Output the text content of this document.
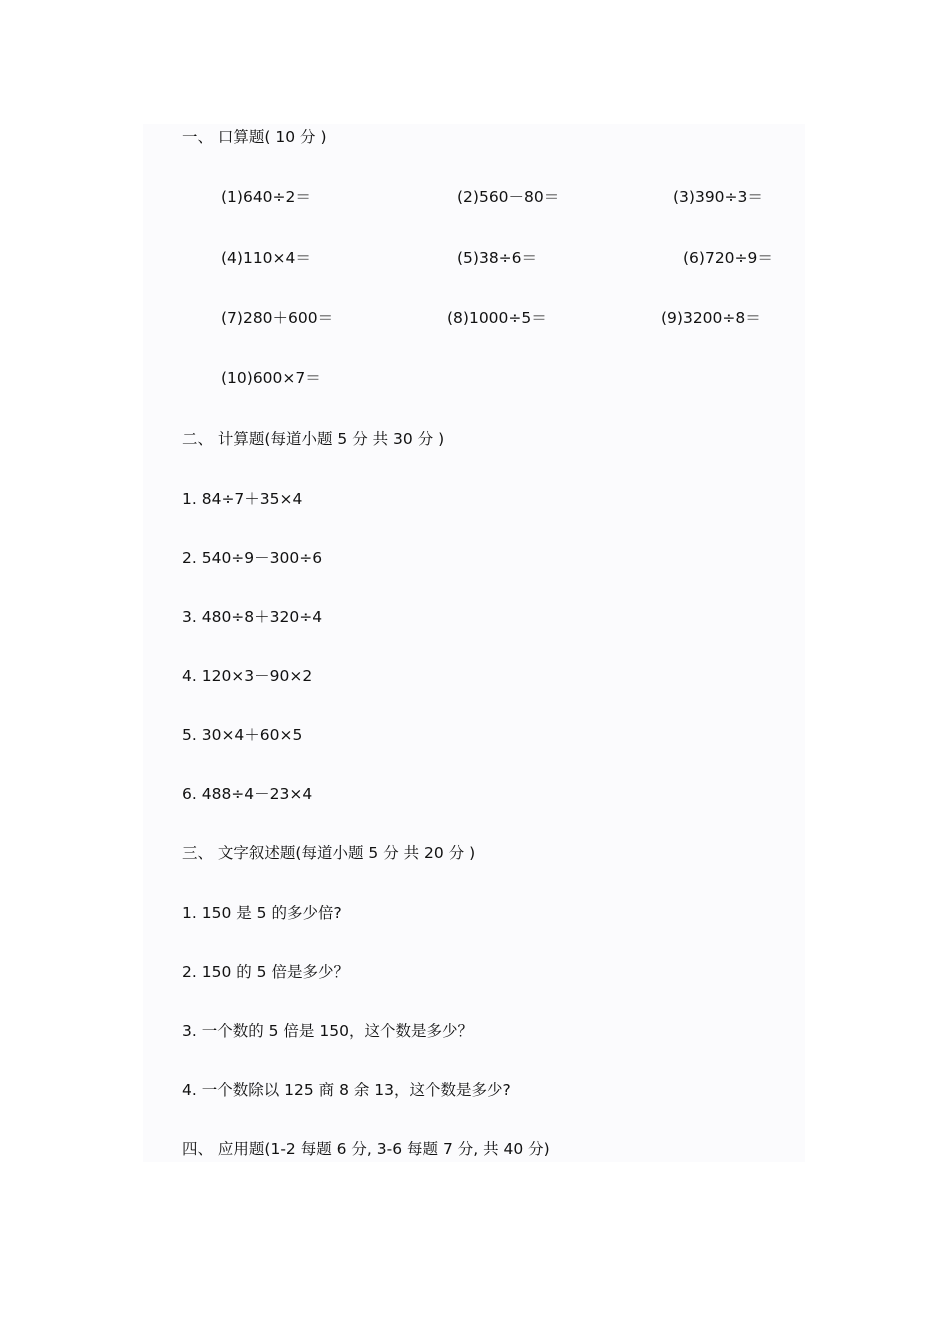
一、 口算题( 10 分 )
(1)640÷2＝	(2)560－80＝	(3)390÷3＝
(4)110×4＝	(5)38÷6＝	(6)720÷9＝
(7)280＋600＝	(8)1000÷5＝	(9)3200÷8＝
(10)600×7＝
二、 计算题(每道小题 5 分 共 30 分 )
1. 84÷7＋35×4
2. 540÷9－300÷6
3. 480÷8＋320÷4
4. 120×3－90×2
5. 30×4＋60×5
6. 488÷4－23×4
三、 文字叙述题(每道小题 5 分 共 20 分 )
1. 150 是 5 的多少倍?
2. 150 的 5 倍是多少？
3. 一个数的 5 倍是 150，这个数是多少？
4. 一个数除以 125 商 8 余 13，这个数是多少?
四、 应用题(1-2 每题 6 分, 3-6 每题 7 分, 共 40 分)
